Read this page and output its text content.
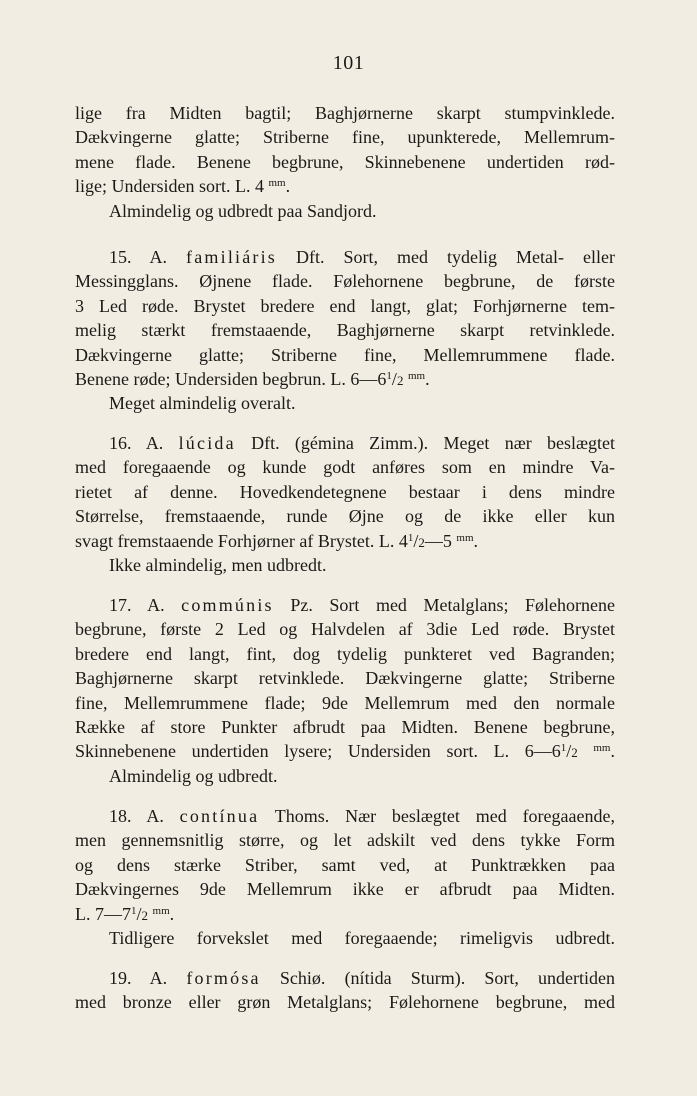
101
lige fra Midten bagtil; Baghjørnerne skarpt stumpvinklede.
Dækvingerne glatte; Striberne fine, upunkterede, Mellemrum-
mene flade. Benene begbrune, Skinnebenene undertiden rød-
lige; Undersiden sort. L. 4 $^{mm}$.
Almindelig og udbredt paa Sandjord.
15. A. familiáris Dft. Sort, med tydelig Metal- eller
Messingglans. Øjnene flade. Følehornene begbrune, de første
3 Led røde. Brystet bredere end langt, glat; Forhjørnerne tem-
melig stærkt fremstaaende, Baghjørnerne skarpt retvinklede.
Dækvingerne glatte; Striberne fine, Mellemrummene flade.
Benene røde; Undersiden begbrun. L. $6—6^1/2$ $^{mm}$.
Meget almindelig overalt.
16. A. lúcida Dft. (gémina Zimm.). Meget nær beslægtet
med foregaaende og kunde godt anføres som en mindre Va-
rietet af denne. Hovedkendetegnene bestaar i dens mindre
Størrelse, fremstaaende, runde Øjne og de ikke eller kun
svagt fremstaaende Forhjørner af Brystet. L. $4^1/2—5$ $^{mm}$.
Ikke almindelig, men udbredt.
17. A. commúnis Pz. Sort med Metalglans; Følehornene
begbrune, første 2 Led og Halvdelen af 3die Led røde. Brystet
bredere end langt, fint, dog tydelig punkteret ved Bagranden;
Baghjørnerne skarpt retvinklede. Dækvingerne glatte; Striberne
fine, Mellemrummene flade; 9de Mellemrum med den normale
Række af store Punkter afbrudt paa Midten. Benene begbrune,
Skinnebenene undertiden lysere; Undersiden sort. L. $6—6^1/2$ $^{mm}$.
Almindelig og udbredt.
18. A. contínua Thoms. Nær beslægtet med foregaaende,
men gennemsnitlig større, og let adskilt ved dens tykke Form
og dens stærke Striber, samt ved, at Punktrækken paa
Dækvingernes 9de Mellemrum ikke er afbrudt paa Midten.
L. $7—7^1/2$ $^{mm}$.
Tidligere forvekslet med foregaaende; rimeligvis udbredt.
19. A. formósa Schiø. (nítida Sturm). Sort, undertiden
med bronze eller grøn Metalglans; Følehornene begbrune, med
